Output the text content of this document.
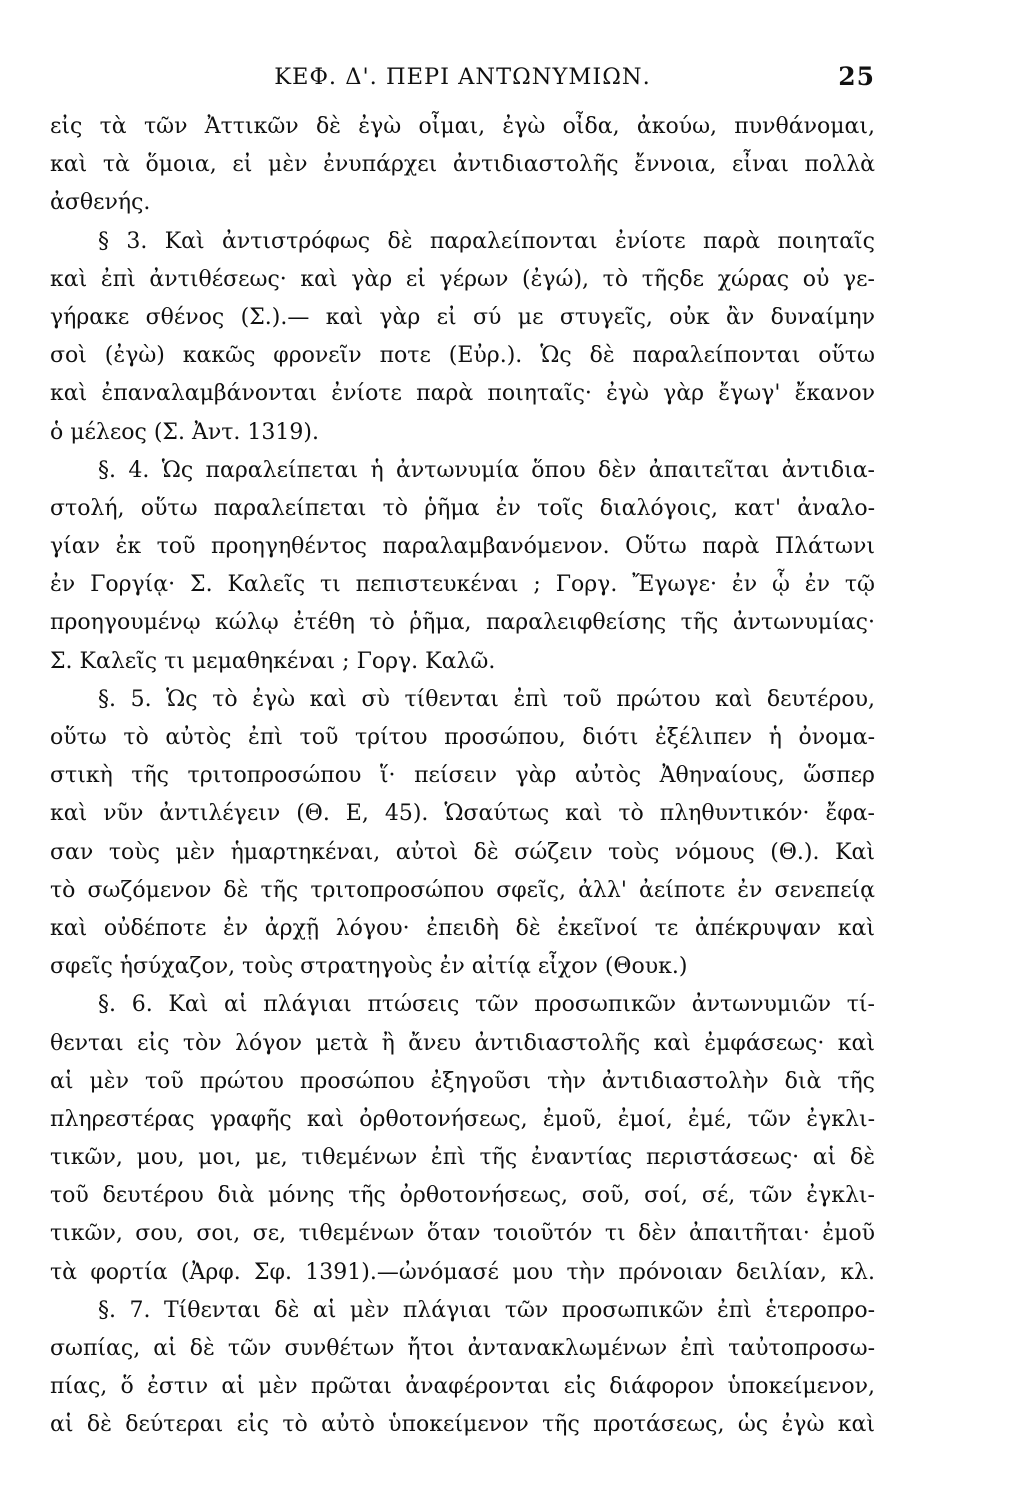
ΚΕΦ. Δ'. ΠΕΡΙ ΑΝΤΩΝΥΜΙΩΝ.	25
εἰς τὰ τῶν Ἀττικῶν δὲ ἐγὼ οἶμαι, ἐγὼ οἶδα, ἀκούω, πυνθάνομαι,
καὶ τὰ ὅμοια, εἰ μὲν ἐνυπάρχει ἀντιδιαστολῆς ἔννοια, εἶναι πολλὰ
ἀσθενής.
§ 3. Καὶ ἀντιστρόφως δὲ παραλείπονται ἐνίοτε παρὰ ποιηταῖς
καὶ ἐπὶ ἀντιθέσεως· καὶ γὰρ εἰ γέρων (ἐγώ), τὸ τῆςδε χώρας οὐ γε-
γήρακε σθένος (Σ.).— καὶ γὰρ εἰ σύ με στυγεῖς, οὐκ ἂν δυναίμην
σοὶ (ἐγὼ) κακῶς φρονεῖν ποτε (Εὐρ.). Ὡς δὲ παραλείπονται οὕτω
καὶ ἐπαναλαμβάνονται ἐνίοτε παρὰ ποιηταῖς· ἐγὼ γὰρ ἔγωγ' ἔκανον
ὁ μέλεος (Σ. Ἀντ. 1319).
§. 4. Ὡς παραλείπεται ἡ ἀντωνυμία ὅπου δὲν ἀπαιτεῖται ἀντιδια-
στολή, οὕτω παραλείπεται τὸ ῥῆμα ἐν τοῖς διαλόγοις, κατ' ἀναλο-
γίαν ἐκ τοῦ προηγηθέντος παραλαμβανόμενον. Οὕτω παρὰ Πλάτωνι
ἐν Γοργίᾳ· Σ. Καλεῖς τι πεπιστευκέναι ; Γοργ. Ἔγωγε· ἐν ᾧ ἐν τῷ
προηγουμένῳ κώλῳ ἐτέθη τὸ ῥῆμα, παραλειφθείσης τῆς ἀντωνυμίας·
Σ. Καλεῖς τι μεμαθηκέναι ; Γοργ. Καλῶ.
§. 5. Ὡς τὸ ἐγὼ καὶ σὺ τίθενται ἐπὶ τοῦ πρώτου καὶ δευτέρου,
οὕτω τὸ αὐτὸς ἐπὶ τοῦ τρίτου προσώπου, διότι ἐξέλιπεν ἡ ὀνομα-
στικὴ τῆς τριτοπροσώπου ἵ· πείσειν γὰρ αὐτὸς Ἀθηναίους, ὥσπερ
καὶ νῦν ἀντιλέγειν (Θ. Ε, 45). Ὡσαύτως καὶ τὸ πληθυντικόν· ἔφα-
σαν τοὺς μὲν ἡμαρτηκέναι, αὐτοὶ δὲ σώζειν τοὺς νόμους (Θ.). Καὶ
τὸ σωζόμενον δὲ τῆς τριτοπροσώπου σφεῖς, ἀλλ' ἀείποτε ἐν σενεπείᾳ
καὶ οὐδέποτε ἐν ἀρχῇ λόγου· ἐπειδὴ δὲ ἐκεῖνοί τε ἀπέκρυψαν καὶ
σφεῖς ἡσύχαζον, τοὺς στρατηγοὺς ἐν αἰτίᾳ εἶχον (Θουκ.)
§. 6. Καὶ αἱ πλάγιαι πτώσεις τῶν προσωπικῶν ἀντωνυμιῶν τί-
θενται εἰς τὸν λόγον μετὰ ἢ ἄνευ ἀντιδιαστολῆς καὶ ἐμφάσεως· καὶ
αἱ μὲν τοῦ πρώτου προσώπου ἐξηγοῦσι τὴν ἀντιδιαστολὴν διὰ τῆς
πληρεστέρας γραφῆς καὶ ὀρθοτονήσεως, ἐμοῦ, ἐμοί, ἐμέ, τῶν ἐγκλι-
τικῶν, μου, μοι, με, τιθεμένων ἐπὶ τῆς ἐναντίας περιστάσεως· αἱ δὲ
τοῦ δευτέρου διὰ μόνης τῆς ὀρθοτονήσεως, σοῦ, σοί, σέ, τῶν ἐγκλι-
τικῶν, σου, σοι, σε, τιθεμένων ὅταν τοιοῦτόν τι δὲν ἀπαιτῆται· ἐμοῦ
τὰ φορτία (Ἀρφ. Σφ. 1391).—ὠνόμασέ μου τὴν πρόνοιαν δειλίαν, κλ.
§. 7. Τίθενται δὲ αἱ μὲν πλάγιαι τῶν προσωπικῶν ἐπὶ ἑτεροπρο-
σωπίας, αἱ δὲ τῶν συνθέτων ἤτοι ἀντανακλωμένων ἐπὶ ταὐτοπροσω-
πίας, ὅ ἐστιν αἱ μὲν πρῶται ἀναφέρονται εἰς διάφορον ὑποκείμενον,
αἱ δὲ δεύτεραι εἰς τὸ αὐτὸ ὑποκείμενον τῆς προτάσεως, ὡς ἐγὼ καὶ
